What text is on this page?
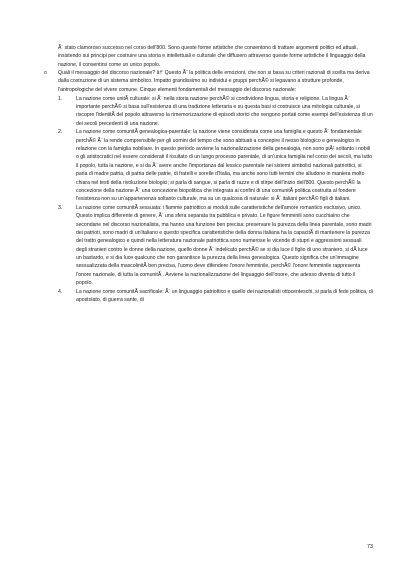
Ã¨ stato clamoroso successo nel corso dell'800. Sono queste forme artistiche che consentono di trattare argomenti politici ed attuali, insistendo sui principi per costruire una storia e intellettuali e culturale che diffusero attraverso queste forme artistiche il linguaggio della nazione, il consentirsi come un unico popolo.

o	Quali il messaggio del discorso nazionale? â†’ Questo Ã¨ la politica delle emozioni, che non si basa su criteri razionali di scelta ma deriva dalla costruzione di un sistema simbolico. Impatto grandissimo su individui e gruppi perchÃ© si legavano a strutture profonde, l'antropologiche del vivere comune. Cinque elementi fondamentali del messaggio del discorso nazionale:

1.	La nazione come unitÃ culturale: si Ã¨ nella storia nazione perchÃ© si condividono lingua, storia e religione. La lingua Ã¨ importante perchÃ© si basa sull'esistenza di una tradizione letteraria e su questa basi si costruisce una mitologia culturale, si riscopre l'identitÃ del popolo attraverso la rimemorizzazione di episodi storici che vengono portati come esempi dell'esistenza di un dei secoli precedenti di una nazione.
2.	La nazione come comunitÃ genealogica-parentale: la nazione viene considerata come una famiglia e questo Ã¨ fondamentale perchÃ© Ã¨ la rende comprensibile per gli uomini del tempo che sono abituati a concepire il nesso biologico e genealogico in relazione con la famiglia nobiliare. In questo periodo avviene la nazionalizzazione della genealogia, non sono piÃ¹ soltanto i nobili o gli aristocratici nel essere considerati il risultato di un lungo processo parentale, di un'unica famiglia nel corso dei secoli, ma tutto il popolo, tutta la nazione, e si da Ã¨ avere anche l'importanza dal lessico parentale nei sistemi simbolici nazionali patriottici, si parla di madre patria, di patria delle patrie, di fratelli e sorelle d'Italia, ma anche sono tutti termini che alludono in maniera molto chiara nel testi della rivoluzione biologici; si parla di sangue, si parla di razze e di stirpe dell'inizio dell'800. Questo perchÃ© la concezione della nazione Ã¨ una concezione biopolitica che integrata ai confini di una comunitÃ politica costruita al fondere l'esistenza non su un'appartenenza soltanto culturale, ma su un qualcosa di naturale: si Ã¨ italiani perchÃ© figli di italiani.
3.	La nazione come comunitÃ sessuata: i fiamme patriottico ai moduli sulle caratteristiche dell'amore romantico esclusivo, unico. Questo implica differente di genere, Ã¨ una sfera separata tra pubblica e privato. Le figure femminili sono cucchiaino che secondarie nel discorso nazionalista, ma hanno una funzione ben precisa: preservare la purezza della linea parentale, sono madri dei patrioti, sono madri di un'italiano e questo specifica caratteristiche della donna italiana ha la capacitÃ di mantenere la purezza del tratto genealogico e quindi nella letteratura nazionale patriottica sono numerose le vicende di stupri e aggressioni sessuali degli stranieri contro le donne della nazione, quello donne Ã¨ indelicato perchÃ© se si dia luce il figlio di uno straniero, si dÃ luce un bastardo, e si dia luce qualcuno che non garantisce la purezza della linea genealogica. Questo significa che un'immagine sessualizzata della mascolinitÃ ben precisa, l'uomo deve difendere l'onore femminile, perchÃ© l'onore femminile rappresenta l'onore nazionale, di tutta la comunitÃ . Avviene la nazionalizzazione del linguaggio dell'onore, che adesso diventa di tutto il popolo.
4.	La nazione come comunitÃ sacrificale: Ã¨ un linguaggio patriottico e quello dei nazionalisti ottocenteschi, si parla di fede politica, di apostolato, di guerra sante, di
73
